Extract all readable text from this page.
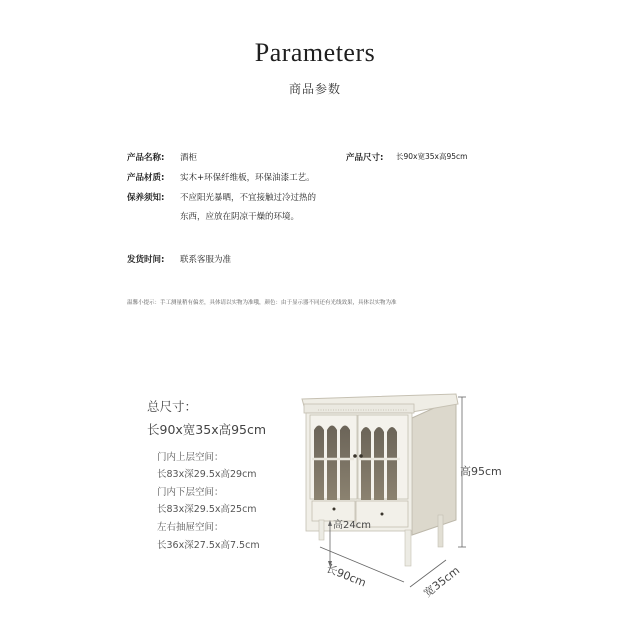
Parameters
商品参数
产品名称: 酒柜	产品尺寸: 长90x宽35x高95cm
产品材质: 实木+环保纤维板，环保油漆工艺。
保养须知: 不应阳光暴晒，不宜接触过冷过热的
东西，应放在阴凉干燥的环境。
发货时间: 联系客服为准
温馨小提示：手工测量稍有偏差，具体请以实物为准哦，颜色：由于显示器不同还有光线效果，具体以实物为准
总尺寸：
长90x宽35x高95cm
门内上层空间：
长83x深29.5x高29cm
门内下层空间：
长83x深29.5x高25cm
左右抽屉空间：
长36x深27.5x高7.5cm
高95cm
高24cm
长90cm	宽35cm
